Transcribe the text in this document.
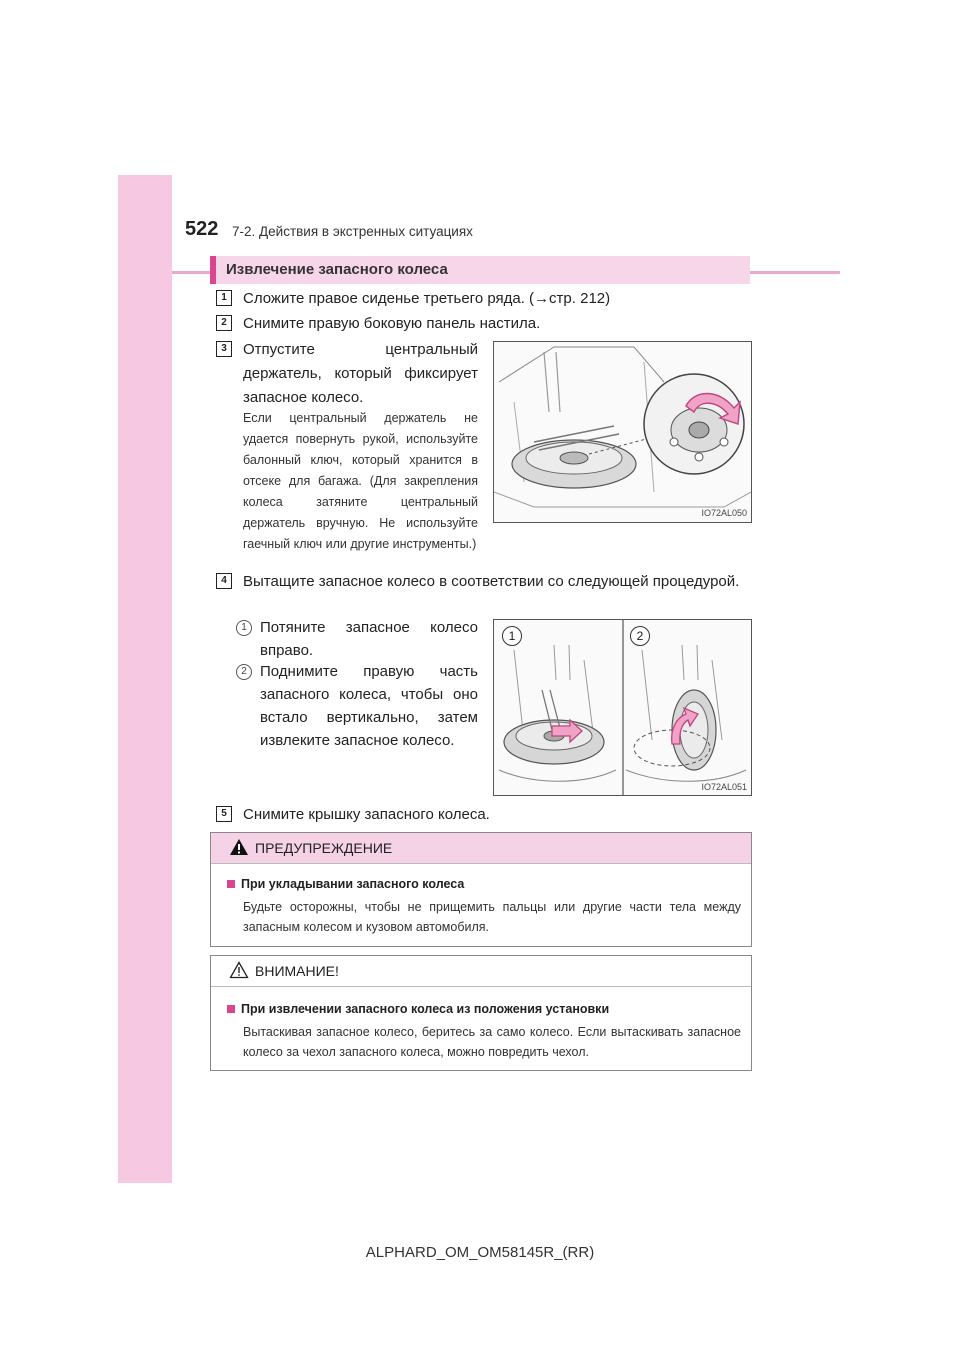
522 7-2. Действия в экстренных ситуациях
Извлечение запасного колеса
1	Сложите правое сиденье третьего ряда. (→стр. 212)
2	Снимите правую боковую панель настила.
3	Отпустите центральный держатель, который фиксирует запасное колесо.
Если центральный держатель не удается повернуть рукой, используйте балонный ключ, который хранится в отсеке для багажа. (Для закрепления колеса затяните центральный держатель вручную. Не используйте гаечный ключ или другие инструменты.)
IO72AL050
4	Вытащите запасное колесо в соответствии со следующей процедурой.
1 Потяните запасное колесо вправо.
2 Поднимите правую часть запасного колеса, чтобы оно встало вертикально, затем извлеките запасное колесо.
1	2
IO72AL051
5	Снимите крышку запасного колеса.
ПРЕДУПРЕЖДЕНИЕ
При укладывании запасного колеса
Будьте осторожны, чтобы не прищемить пальцы или другие части тела между запасным колесом и кузовом автомобиля.
ВНИМАНИЕ!
При извлечении запасного колеса из положения установки
Вытаскивая запасное колесо, беритесь за само колесо. Если вытаскивать запасное колесо за чехол запасного колеса, можно повредить чехол.
ALPHARD_OM_OM58145R_(RR)
